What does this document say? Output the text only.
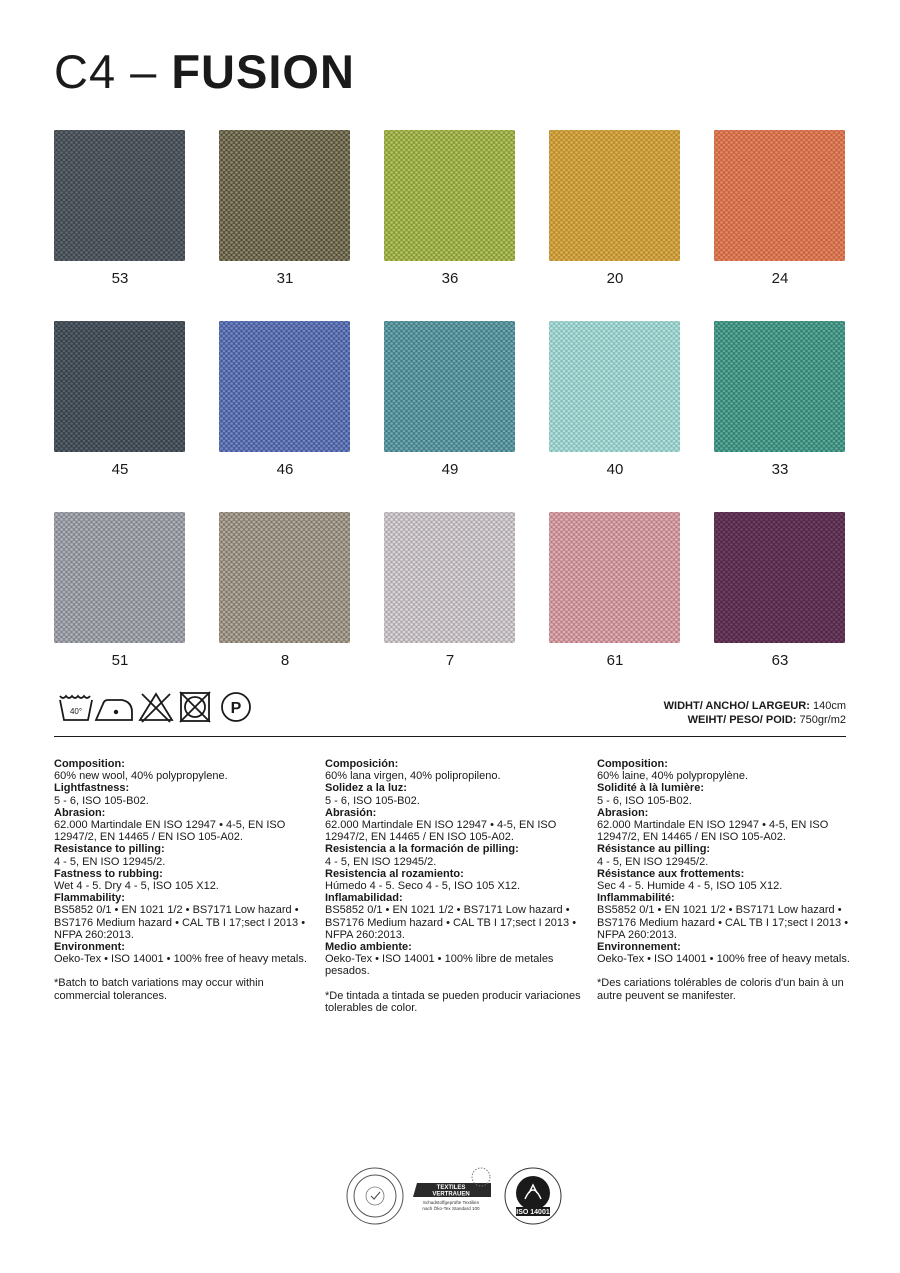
C4 – FUSION
53	31	36	20	24
45	46	49	40	33
51	8	7	61	63
40°	P	WIDHT/ ANCHO/ LARGEUR: 140cm
WEIHT/ PESO/ POID: 750gr/m2
Composition:
60% new wool, 40% polypropylene.
Lightfastness:
5 - 6, ISO 105-B02.
Abrasion:
62.000 Martindale EN ISO 12947 • 4-5, EN ISO 12947/2, EN 14465 / EN ISO 105-A02.
Resistance to pilling:
4 - 5, EN ISO 12945/2.
Fastness to rubbing:
Wet 4 - 5. Dry 4 - 5, ISO 105 X12.
Flammability:
BS5852 0/1 • EN 1021 1/2 • BS7171 Low hazard • BS7176 Medium hazard • CAL TB I 17;sect I 2013 • NFPA 260:2013.
Environment:
Oeko-Tex • ISO 14001 • 100% free of heavy metals.
*Batch to batch variations may occur within commercial tolerances.
Composición:
60% lana virgen, 40% polipropileno.
Solidez a la luz:
5 - 6, ISO 105-B02.
Abrasión:
62.000 Martindale EN ISO 12947 • 4-5, EN ISO 12947/2, EN 14465 / EN ISO 105-A02.
Resistencia a la formación de pilling:
4 - 5, EN ISO 12945/2.
Resistencia al rozamiento:
Húmedo 4 - 5. Seco 4 - 5, ISO 105 X12.
Inflamabilidad:
BS5852 0/1 • EN 1021 1/2 • BS7171 Low hazard • BS7176 Medium hazard • CAL TB I 17;sect I 2013 • NFPA 260:2013.
Medio ambiente:
Oeko-Tex • ISO 14001 • 100% libre de metales pesados.
*De tintada a tintada se pueden producir variaciones tolerables de color.
Composition:
60% laine, 40% polypropylène.
Solidité à là lumière:
5 - 6, ISO 105-B02.
Abrasion:
62.000 Martindale EN ISO 12947 • 4-5, EN ISO 12947/2, EN 14465 / EN ISO 105-A02.
Résistance au pilling:
4 - 5, EN ISO 12945/2.
Résistance aux frottements:
Sec 4 - 5. Humide 4 - 5, ISO 105 X12.
Inflammabilité:
BS5852 0/1 • EN 1021 1/2 • BS7171 Low hazard • BS7176 Medium hazard • CAL TB I 17;sect I 2013 • NFPA 260:2013.
Environnement:
Oeko-Tex • ISO 14001 • 100% free of heavy metals.
*Des cariations tolérables de coloris d'un bain à un autre peuvent se manifester.
TEXTILES
VERTRAUEN
Schadstoffgeprüfte Textilien
nach Öko-Tex Standard 100
ISO 14001
